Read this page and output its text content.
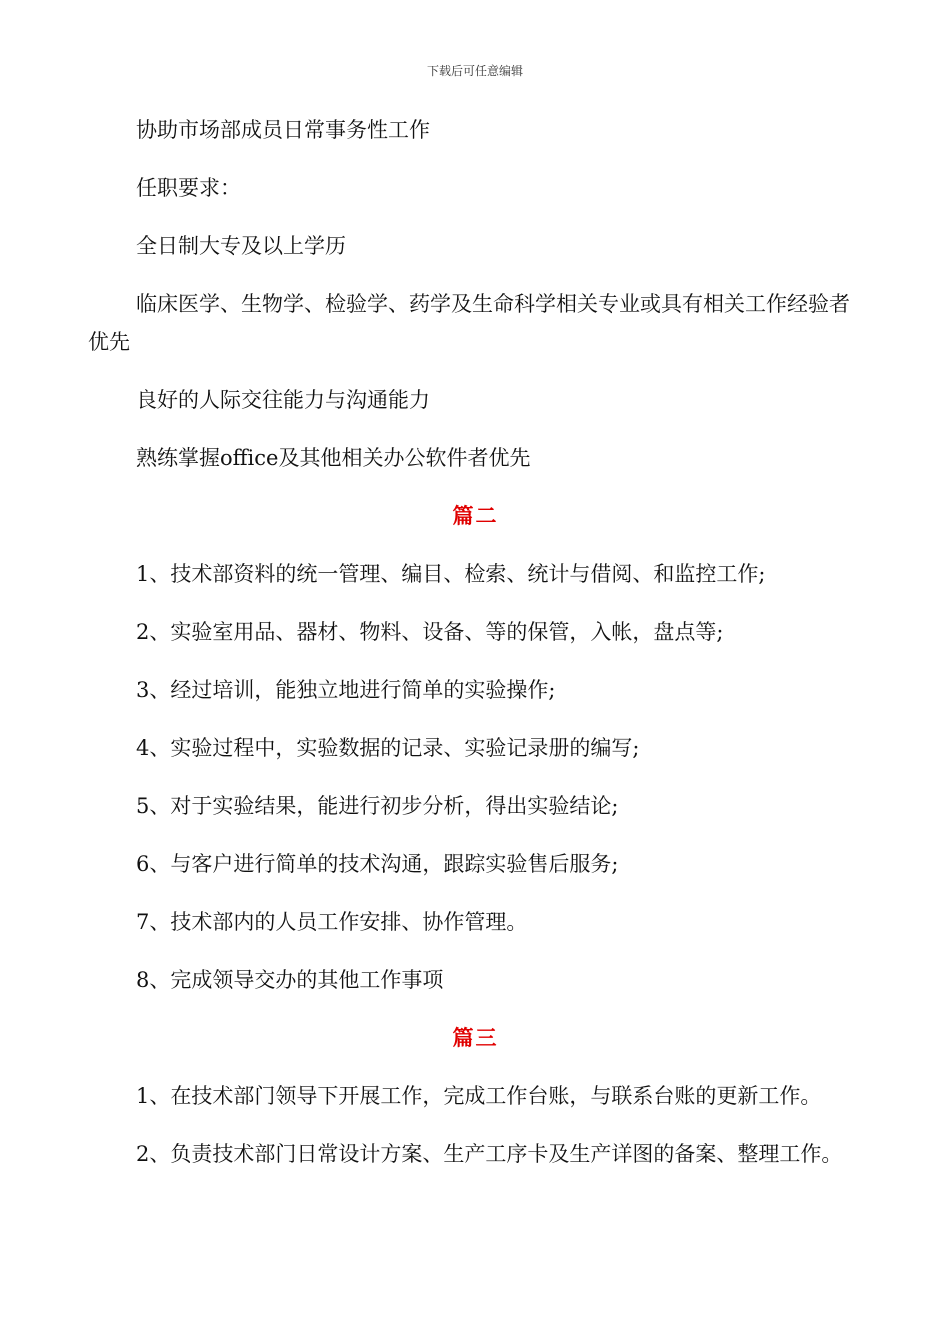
下载后可任意编辑

协助市场部成员日常事务性工作

任职要求：

全日制大专及以上学历

临床医学、生物学、检验学、药学及生命科学相关专业或具有相关工作经验者优先

良好的人际交往能力与沟通能力

熟练掌握office及其他相关办公软件者优先

篇二

1、技术部资料的统一管理、编目、检索、统计与借阅、和监控工作;

2、实验室用品、器材、物料、设备、等的保管，入帐，盘点等;

3、经过培训，能独立地进行简单的实验操作;

4、实验过程中，实验数据的记录、实验记录册的编写;

5、对于实验结果，能进行初步分析，得出实验结论;

6、与客户进行简单的技术沟通，跟踪实验售后服务;

7、技术部内的人员工作安排、协作管理。

8、完成领导交办的其他工作事项

篇三

1、在技术部门领导下开展工作，完成工作台账，与联系台账的更新工作。

2、负责技术部门日常设计方案、生产工序卡及生产详图的备案、整理工作。
